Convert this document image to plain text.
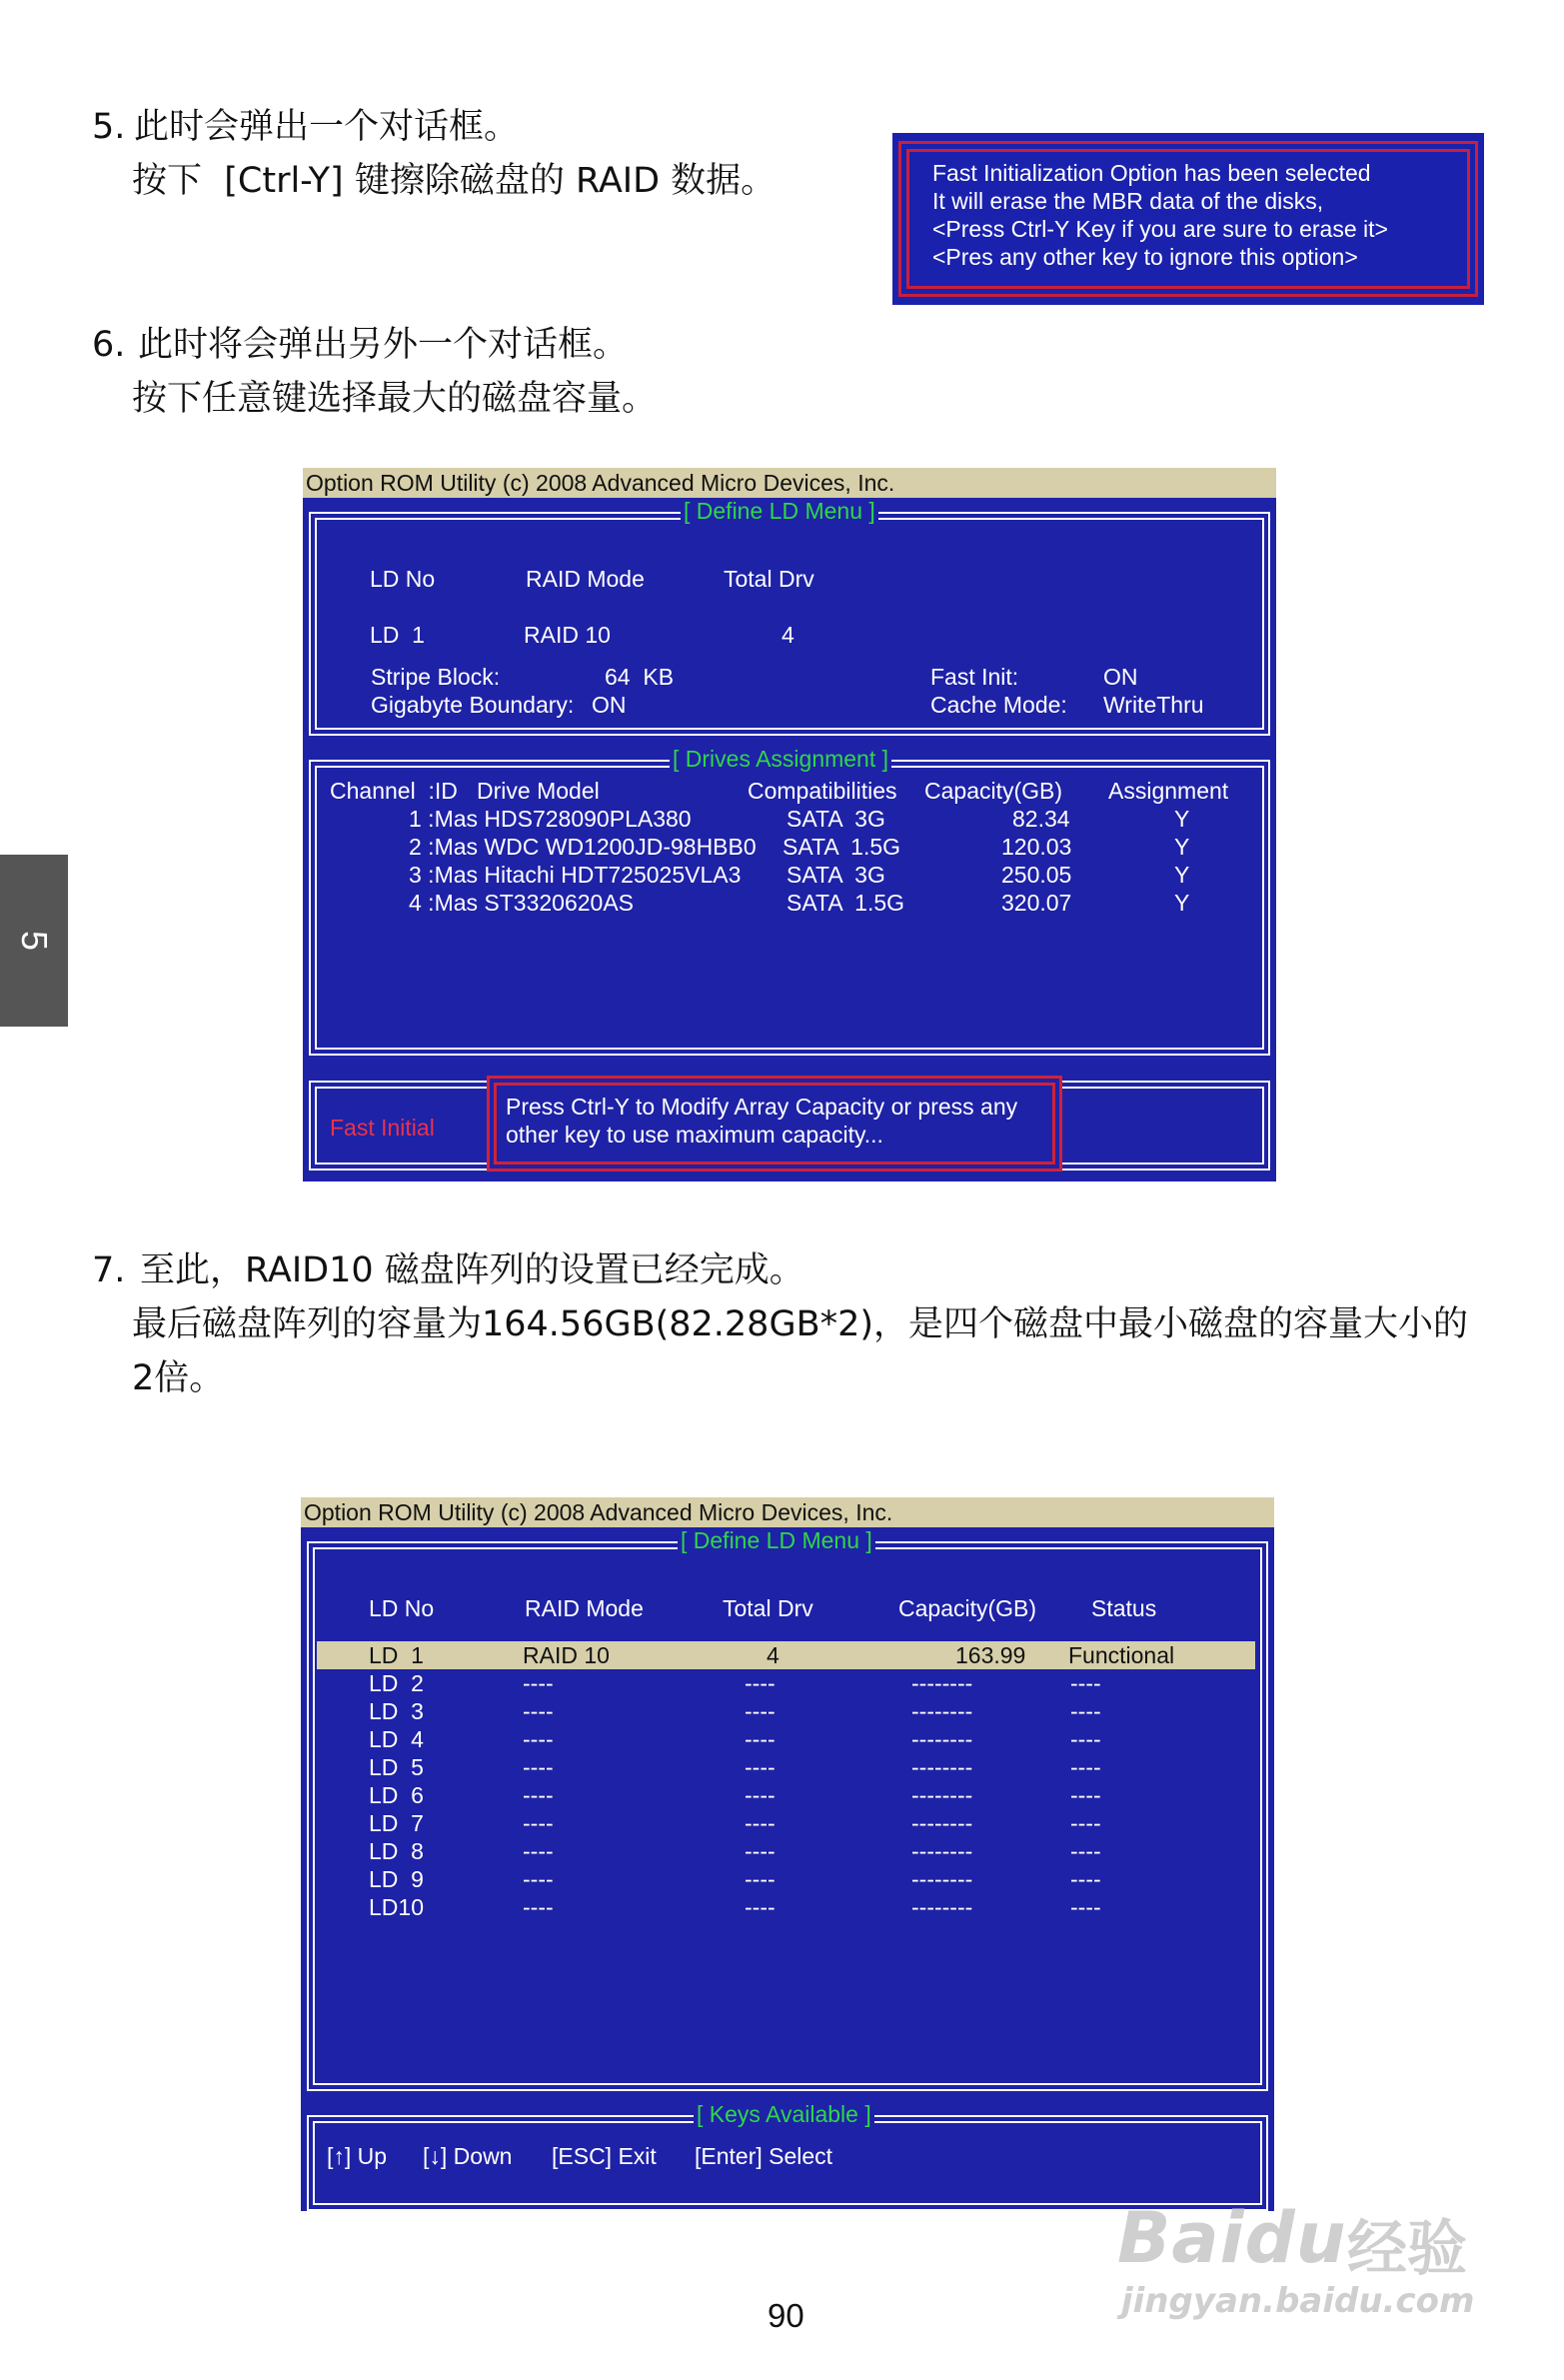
5. 此时会弹出一个对话框。
按下  [Ctrl-Y] 键擦除磁盘的 RAID 数据。	Fast Initialization Option has been selected
It will erase the MBR data of the disks,
<Press Ctrl-Y Key if you are sure to erase it>
<Pres any other key to ignore this option>
6. 此时将会弹出另外一个对话框。
按下任意键选择最大的磁盘容量。
5
Option ROM Utility (c) 2008 Advanced Micro Devices, Inc.
[ Define LD Menu ]
LD No	RAID Mode	Total Drv
LD  1	RAID 10	4
Stripe Block:	64  KB
Gigabyte Boundary: ON
Fast Init:	ON
Cache Mode: WriteThru
[ Drives Assignment ]
Channel  :ID   Drive Model	Compatibilities Capacity(GB) Assignment
1 :Mas HDS728090PLA380	SATA  3G	82.34	Y
2 :Mas WDC WD1200JD-98HBB0 SATA  1.5G	120.03	Y
3 :Mas Hitachi HDT725025VLA3 SATA  3G	250.05	Y
4 :Mas ST3320620AS	SATA  1.5G	320.07	Y
Fast Initial
Press Ctrl-Y to Modify Array Capacity or press any
other key to use maximum capacity...
7. 至此，RAID10 磁盘阵列的设置已经完成。
最后磁盘阵列的容量为164.56GB(82.28GB*2)，是四个磁盘中最小磁盘的容量大小的
2倍。
Option ROM Utility (c) 2008 Advanced Micro Devices, Inc.
[ Define LD Menu ]
LD No	RAID Mode	Total Drv	Capacity(GB) Status
LD  1	RAID 10	4	163.99 Functional
LD  2	----	----	--------	----
LD  3	----	----	--------	----
LD  4	----	----	--------	----
LD  5	----	----	--------	----
LD  6	----	----	--------	----
LD  7	----	----	--------	----
LD  8	----	----	--------	----
LD  9	----	----	--------	----
LD10	----	----	--------	----
[ Keys Available ]
[↑] Up [↓] Down [ESC] Exit [Enter] Select
90
Baidu 经验
jingyan.baidu.com
